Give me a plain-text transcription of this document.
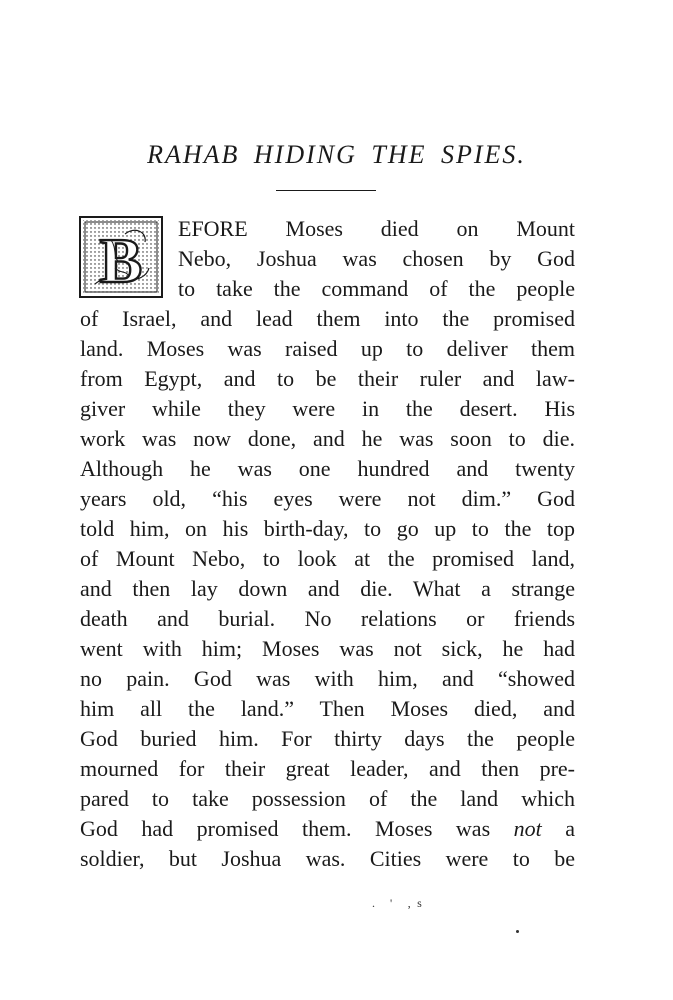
RAHAB HIDING THE SPIES.
B EFORE Moses died on Mount
Nebo, Joshua was chosen by God
to take the command of the people
of Israel, and lead them into the promised
land. Moses was raised up to deliver them
from Egypt, and to be their ruler and law-
giver while they were in the desert. His
work was now done, and he was soon to die.
Although he was one hundred and twenty
years old, “his eyes were not dim.” God
told him, on his birth-day, to go up to the top
of Mount Nebo, to look at the promised land,
and then lay down and die. What a strange
death and burial. No relations or friends
went with him; Moses was not sick, he had
no pain. God was with him, and “showed
him all the land.” Then Moses died, and
God buried him. For thirty days the people
mourned for their great leader, and then pre-
pared to take possession of the land which
God had promised them. Moses was not a
soldier, but Joshua was. Cities were to be
. ' ‚s
